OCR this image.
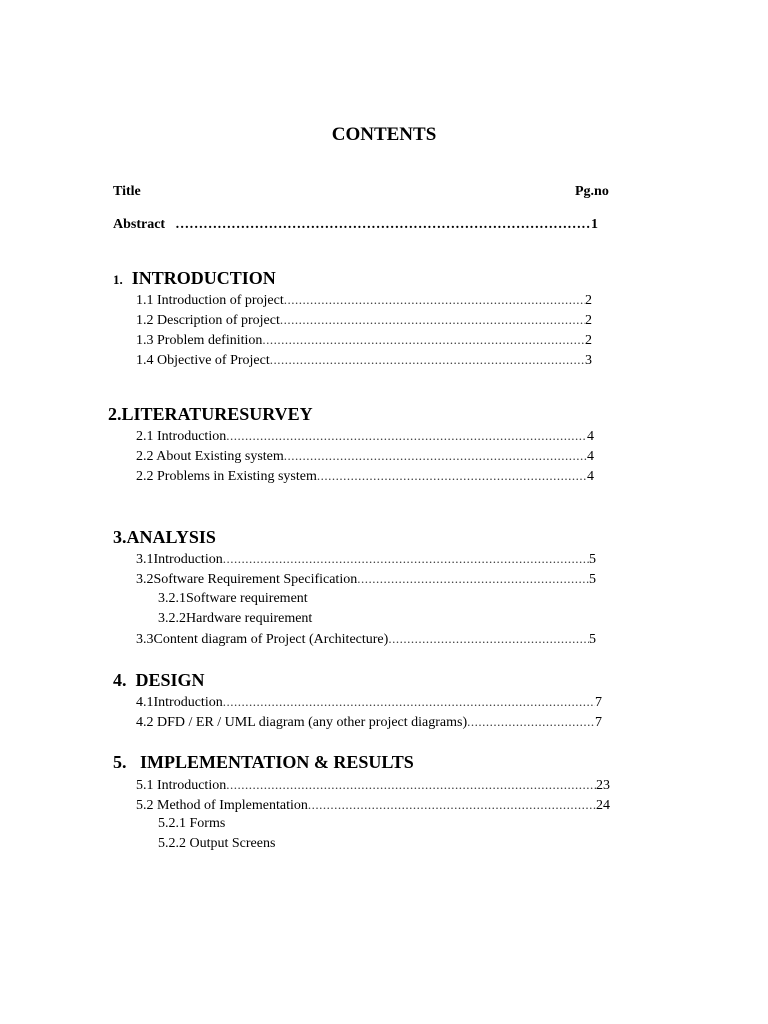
CONTENTS
Title	Pg.no
Abstract …………………………………………………………………………………………………………………	1
1. INTRODUCTION
1.1 Introduction of project .....	2
1.2 Description of project .....	2
1.3 Problem definition .....	2
1.4 Objective of Project .....	3
2.LITERATURESURVEY
2.1 Introduction .....	4
2.2 About Existing system .....	4
2.2 Problems in Existing system .....	4
3.ANALYSIS
3.1Introduction .....	5
3.2Software Requirement Specification .....	5
3.2.1Software requirement
3.2.2Hardware requirement
3.3Content diagram of Project (Architecture) .....	5
4.  DESIGN
4.1Introduction .....	7
4.2 DFD / ER / UML diagram (any other project diagrams) .....	7
5.   IMPLEMENTATION & RESULTS
5.1 Introduction .....	23
5.2 Method of Implementation .....	24
5.2.1 Forms
5.2.2 Output Screens
